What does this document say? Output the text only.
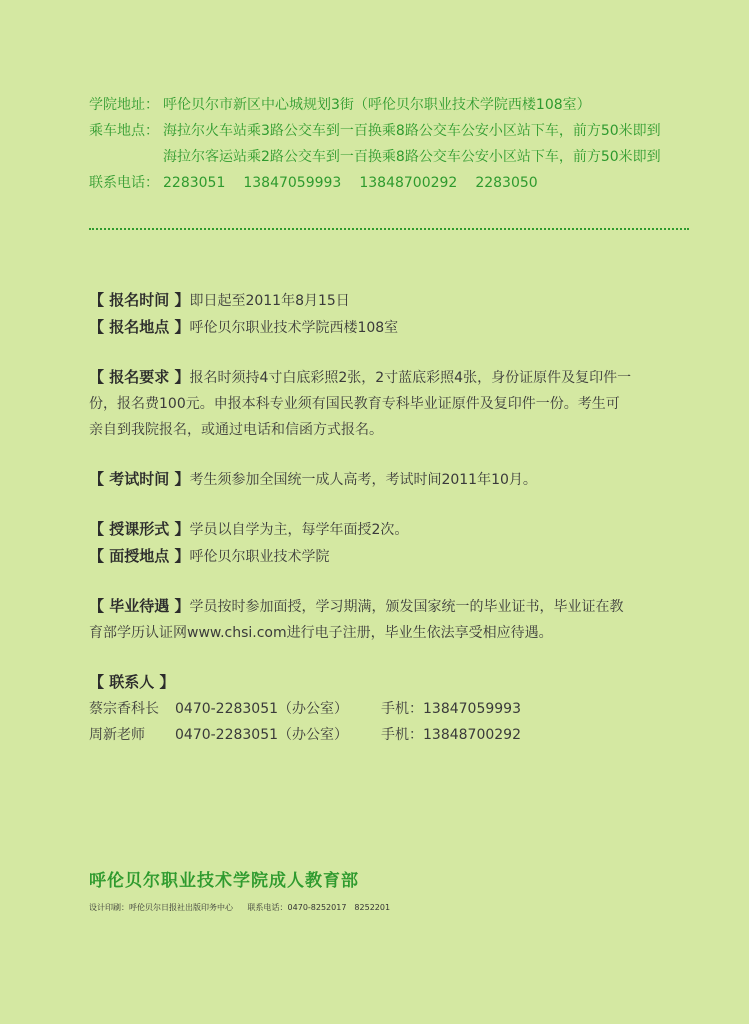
学院地址： 呼伦贝尔市新区中心城规划3街（呼伦贝尔职业技术学院西楼108室）
乘车地点： 海拉尔火车站乘3路公交车到一百换乘8路公交车公安小区站下车，前方50米即到
海拉尔客运站乘2路公交车到一百换乘8路公交车公安小区站下车，前方50米即到
联系电话： 2283051 13847059993 13848700292 2283050

【 报名时间 】即日起至2011年8月15日

【 报名地点 】呼伦贝尔职业技术学院西楼108室

【 报名要求 】报名时须持4寸白底彩照2张，2寸蓝底彩照4张，身份证原件及复印件一
份，报名费100元。申报本科专业须有国民教育专科毕业证原件及复印件一份。考生可
亲自到我院报名，或通过电话和信函方式报名。

【 考试时间 】考生须参加全国统一成人高考，考试时间2011年10月。

【 授课形式 】学员以自学为主，每学年面授2次。

【 面授地点 】呼伦贝尔职业技术学院

【 毕业待遇 】学员按时参加面授，学习期满，颁发国家统一的毕业证书，毕业证在教
育部学历认证网www.chsi.com进行电子注册，毕业生依法享受相应待遇。

【 联系人 】

蔡宗香科长	0470-2283051（办公室）	手机：13847059993
周新老师	0470-2283051（办公室）	手机：13848700292
呼伦贝尔职业技术学院成人教育部
设计印刷：呼伦贝尔日报社出版印务中心 联系电话：0470-8252017　8252201
